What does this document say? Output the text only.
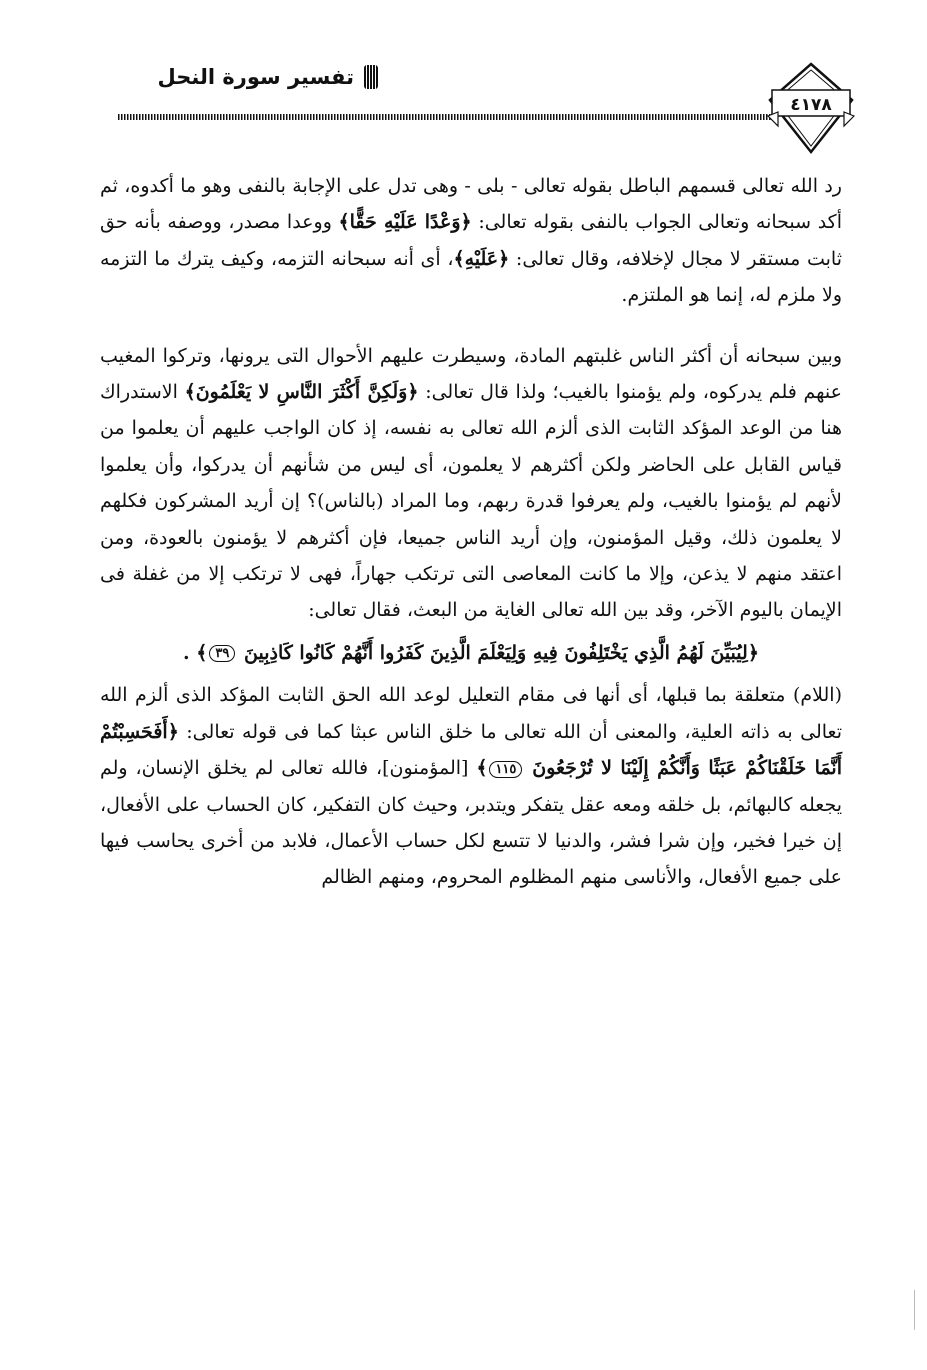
تفسير سورة النحل
٤١٧٨

رد الله تعالى قسمهم الباطل بقوله تعالى - بلى - وهى تدل على الإجابة بالنفى وهو ما أكدوه، ثم أكد سبحانه وتعالى الجواب بالنفى بقوله تعالى: ﴿وَعْدًا عَلَيْهِ حَقًّا﴾ ووعدا مصدر، ووصفه بأنه حق ثابت مستقر لا مجال لإخلافه، وقال تعالى: ﴿عَلَيْهِ﴾، أى أنه سبحانه التزمه، وكيف يترك ما التزمه ولا ملزم له، إنما هو الملتزم.

وبين سبحانه أن أكثر الناس غلبتهم المادة، وسيطرت عليهم الأحوال التى يرونها، وتركوا المغيب عنهم فلم يدركوه، ولم يؤمنوا بالغيب؛ ولذا قال تعالى: ﴿وَلَكِنَّ أَكْثَرَ النَّاسِ لا يَعْلَمُونَ﴾ الاستدراك هنا من الوعد المؤكد الثابت الذى ألزم الله تعالى به نفسه، إذ كان الواجب عليهم أن يعلموا من قياس القابل على الحاضر ولكن أكثرهم لا يعلمون، أى ليس من شأنهم أن يدركوا، وأن يعلموا لأنهم لم يؤمنوا بالغيب، ولم يعرفوا قدرة ربهم، وما المراد (بالناس)؟ إن أريد المشركون فكلهم لا يعلمون ذلك، وقيل المؤمنون، وإن أريد الناس جميعا، فإن أكثرهم لا يؤمنون بالعودة، ومن اعتقد منهم لا يذعن، وإلا ما كانت المعاصى التى ترتكب جهاراً، فهى لا ترتكب إلا من غفلة فى الإيمان باليوم الآخر، وقد بين الله تعالى الغاية من البعث، فقال تعالى:

﴿لِيُبَيِّنَ لَهُمُ الَّذِي يَخْتَلِفُونَ فِيهِ وَلِيَعْلَمَ الَّذِينَ كَفَرُوا أَنَّهُمْ كَانُوا كَاذِبِينَ ٣٩﴾ .

(اللام) متعلقة بما قبلها، أى أنها فى مقام التعليل لوعد الله الحق الثابت المؤكد الذى ألزم الله تعالى به ذاته العلية، والمعنى أن الله تعالى ما خلق الناس عبثا كما فى قوله تعالى: ﴿أَفَحَسِبْتُمْ أَنَّمَا خَلَقْنَاكُمْ عَبَثًا وَأَنَّكُمْ إِلَيْنَا لا تُرْجَعُونَ ١١٥﴾ [المؤمنون]، فالله تعالى لم يخلق الإنسان، ولم يجعله كالبهائم، بل خلقه ومعه عقل يتفكر ويتدبر، وحيث كان التفكير، كان الحساب على الأفعال، إن خيرا فخير، وإن شرا فشر، والدنيا لا تتسع لكل حساب الأعمال، فلابد من أخرى يحاسب فيها على جميع الأفعال، والأناسى منهم المظلوم المحروم، ومنهم الظالم
